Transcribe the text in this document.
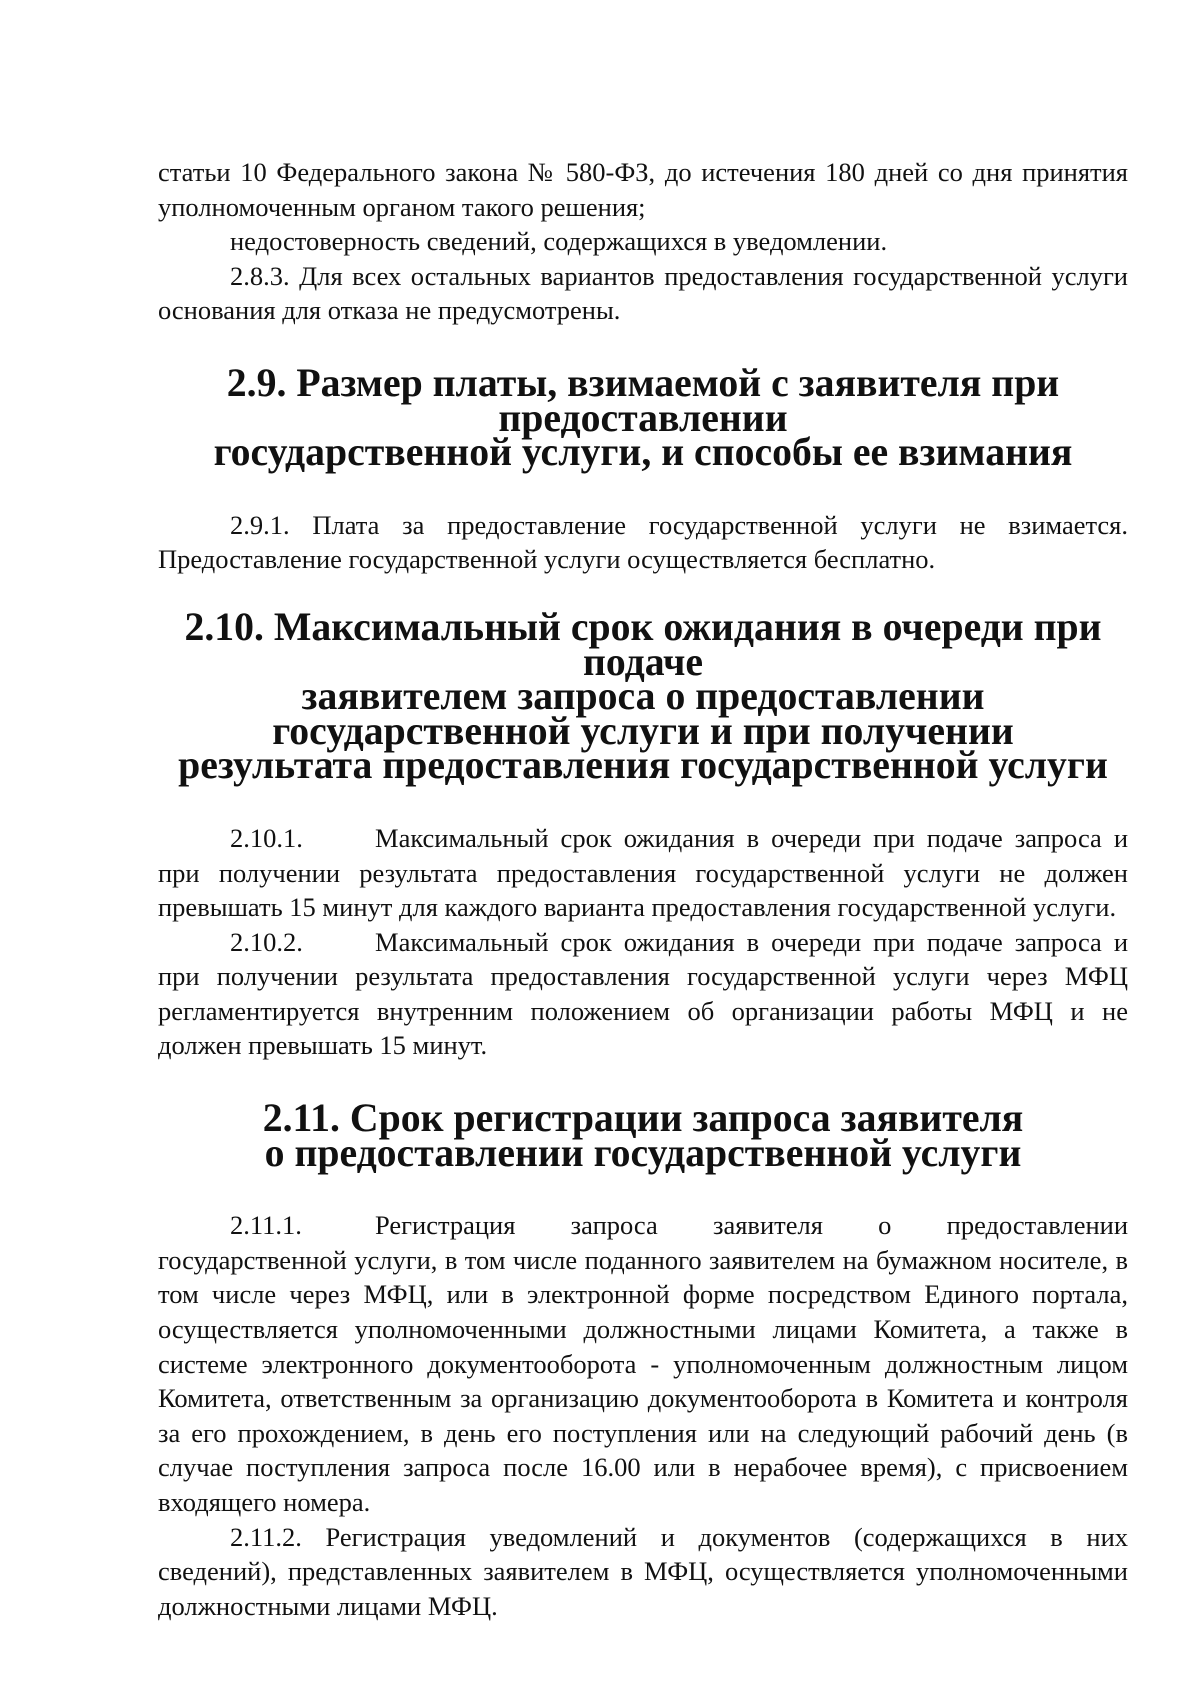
статьи 10 Федерального закона № 580-ФЗ, до истечения 180 дней со дня принятия уполномоченным органом такого решения;

недостоверность сведений, содержащихся в уведомлении.

2.8.3. Для всех остальных вариантов предоставления государственной услуги основания для отказа не предусмотрены.

2.9. Размер платы, взимаемой с заявителя при предоставлении
государственной услуги, и способы ее взимания

2.9.1. Плата за предоставление государственной услуги не взимается. Предоставление государственной услуги осуществляется бесплатно.

2.10. Максимальный срок ожидания в очереди при подаче
заявителем запроса о предоставлении
государственной услуги и при получении
результата предоставления государственной услуги

2.10.1.	Максимальный срок ожидания в очереди при подаче запроса и при получении результата предоставления государственной услуги не должен превышать 15 минут для каждого варианта предоставления государственной услуги.

2.10.2.	Максимальный срок ожидания в очереди при подаче запроса и при получении результата предоставления государственной услуги через МФЦ регламентируется внутренним положением об организации работы МФЦ и не должен превышать 15 минут.

2.11. Срок регистрации запроса заявителя
о предоставлении государственной услуги

2.11.1.	Регистрация запроса заявителя о предоставлении государственной услуги, в том числе поданного заявителем на бумажном носителе, в том числе через МФЦ, или в электронной форме посредством Единого портала, осуществляется уполномоченными должностными лицами Комитета, а также в системе электронного документооборота - уполномоченным должностным лицом Комитета, ответственным за организацию документооборота в Комитета и контроля за его прохождением, в день его поступления или на следующий рабочий день (в случае поступления запроса после 16.00 или в нерабочее время), с присвоением входящего номера.

2.11.2. Регистрация уведомлений и документов (содержащихся в них сведений), представленных заявителем в МФЦ, осуществляется уполномоченными должностными лицами МФЦ.
